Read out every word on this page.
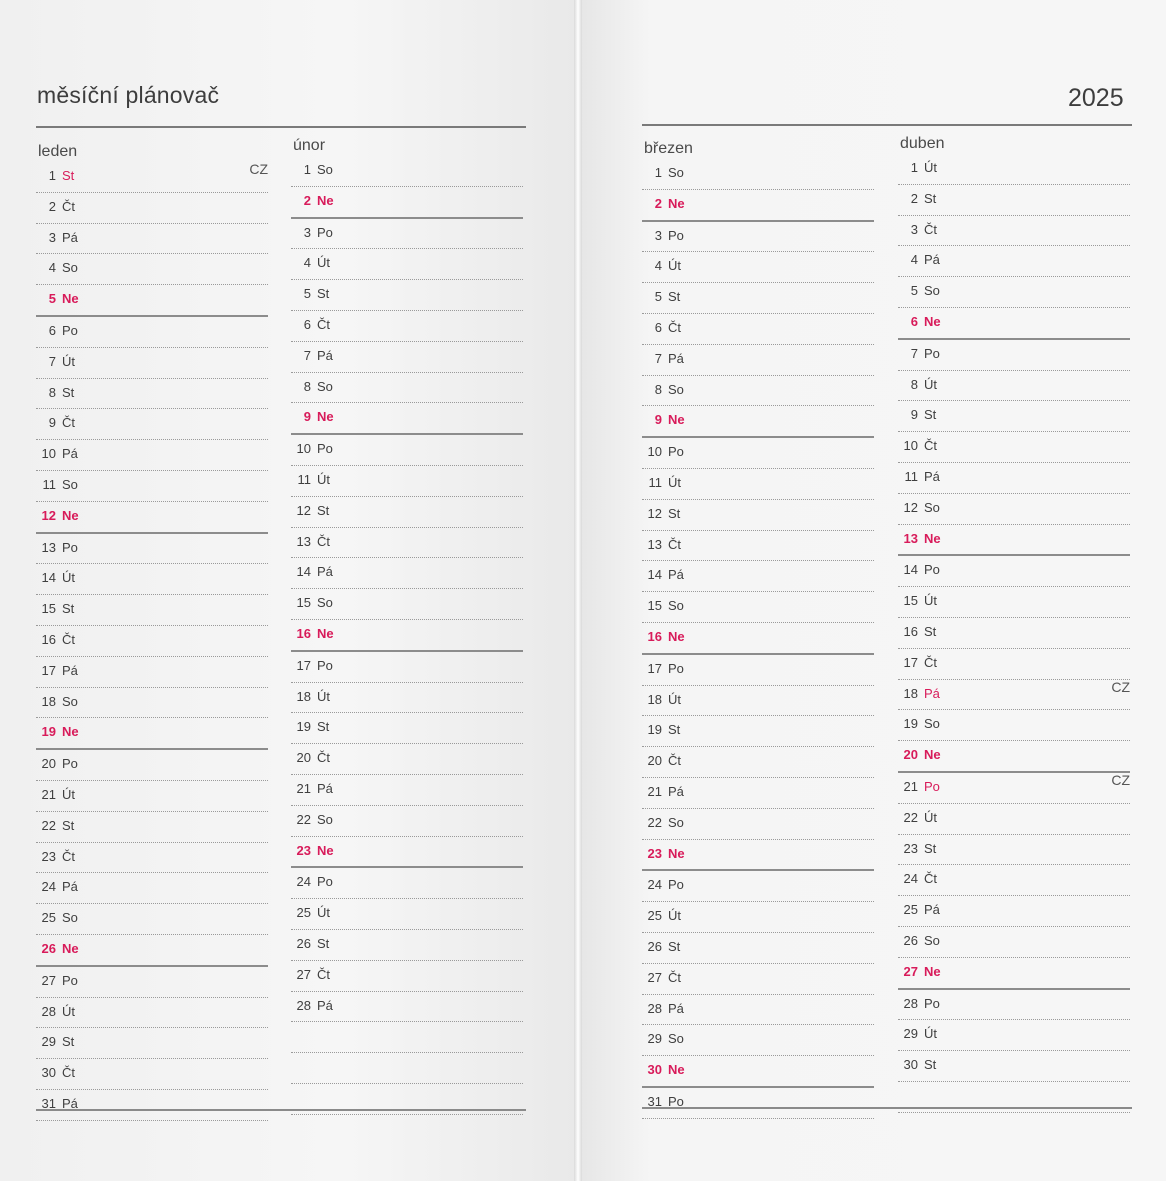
měsíční plánovač	2025
leden
1 St	CZ
2 Čt
3 Pá
4 So
5 Ne
6 Po
7 Út
8 St
9 Čt
10 Pá
11 So
12 Ne
13 Po
14 Út
15 St
16 Čt
17 Pá
18 So
19 Ne
20 Po
21 Út
22 St
23 Čt
24 Pá
25 So
26 Ne
27 Po
28 Út
29 St
30 Čt
31 Pá
únor
1 So
2 Ne
3 Po
4 Út
5 St
6 Čt
7 Pá
8 So
9 Ne
10 Po
11 Út
12 St
13 Čt
14 Pá
15 So
16 Ne
17 Po
18 Út
19 St
20 Čt
21 Pá
22 So
23 Ne
24 Po
25 Út
26 St
27 Čt
28 Pá
březen
1 So
2 Ne
3 Po
4 Út
5 St
6 Čt
7 Pá
8 So
9 Ne
10 Po
11 Út
12 St
13 Čt
14 Pá
15 So
16 Ne
17 Po
18 Út
19 St
20 Čt
21 Pá
22 So
23 Ne
24 Po
25 Út
26 St
27 Čt
28 Pá
29 So
30 Ne
31 Po
duben
1 Út
2 St
3 Čt
4 Pá
5 So
6 Ne
7 Po
8 Út
9 St
10 Čt
11 Pá
12 So
13 Ne
14 Po
15 Út
16 St
17 Čt
18 Pá	CZ
19 So
20 Ne
21 Po	CZ
22 Út
23 St
24 Čt
25 Pá
26 So
27 Ne
28 Po
29 Út
30 St
